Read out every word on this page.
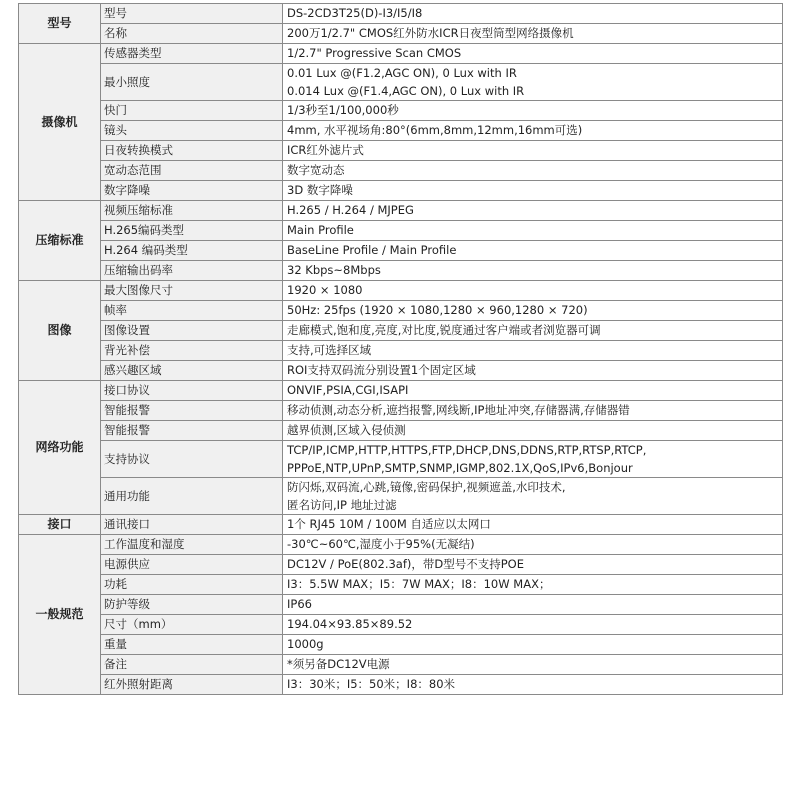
型号	型号	DS-2CD3T25(D)-I3/I5/I8

	名称	200万1/2.7" CMOS红外防水ICR日夜型筒型网络摄像机

摄像机	传感器类型	1/2.7" Progressive Scan CMOS

	最小照度	0.01 Lux @(F1.2,AGC ON), 0 Lux with IR
0.014 Lux @(F1.4,AGC ON), 0 Lux with IR

	快门	1/3秒至1/100,000秒

	镜头	4mm, 水平视场角:80°(6mm,8mm,12mm,16mm可选)

	日夜转换模式	ICR红外滤片式

	宽动态范围	数字宽动态

	数字降噪	3D 数字降噪

压缩标准	视频压缩标准	H.265 / H.264 / MJPEG

	H.265编码类型	Main Profile

	H.264 编码类型	BaseLine Profile / Main Profile

	压缩输出码率	32 Kbps~8Mbps

图像	最大图像尺寸	1920 × 1080

	帧率	50Hz: 25fps (1920 × 1080,1280 × 960,1280 × 720)

	图像设置	走廊模式,饱和度,亮度,对比度,锐度通过客户端或者浏览器可调

	背光补偿	支持,可选择区域

	感兴趣区域	ROI支持双码流分别设置1个固定区域

网络功能	接口协议	ONVIF,PSIA,CGI,ISAPI

	智能报警	移动侦测,动态分析,遮挡报警,网线断,IP地址冲突,存储器满,存储器错

	智能报警	越界侦测,区域入侵侦测

	支持协议	TCP/IP,ICMP,HTTP,HTTPS,FTP,DHCP,DNS,DDNS,RTP,RTSP,RTCP,
PPPoE,NTP,UPnP,SMTP,SNMP,IGMP,802.1X,QoS,IPv6,Bonjour

	通用功能	防闪烁,双码流,心跳,镜像,密码保护,视频遮盖,水印技术,
匿名访问,IP 地址过滤

接口	通讯接口	1个 RJ45 10M / 100M 自适应以太网口

一般规范	工作温度和湿度	-30℃~60℃,湿度小于95%(无凝结)

	电源供应	DC12V / PoE(802.3af)，带D型号不支持POE

	功耗	I3：5.5W MAX；I5：7W MAX；I8：10W MAX；

	防护等级	IP66

	尺寸（mm）	194.04×93.85×89.52

	重量	1000g

	备注	*须另备DC12V电源

	红外照射距离	I3：30米；I5：50米；I8：80米
